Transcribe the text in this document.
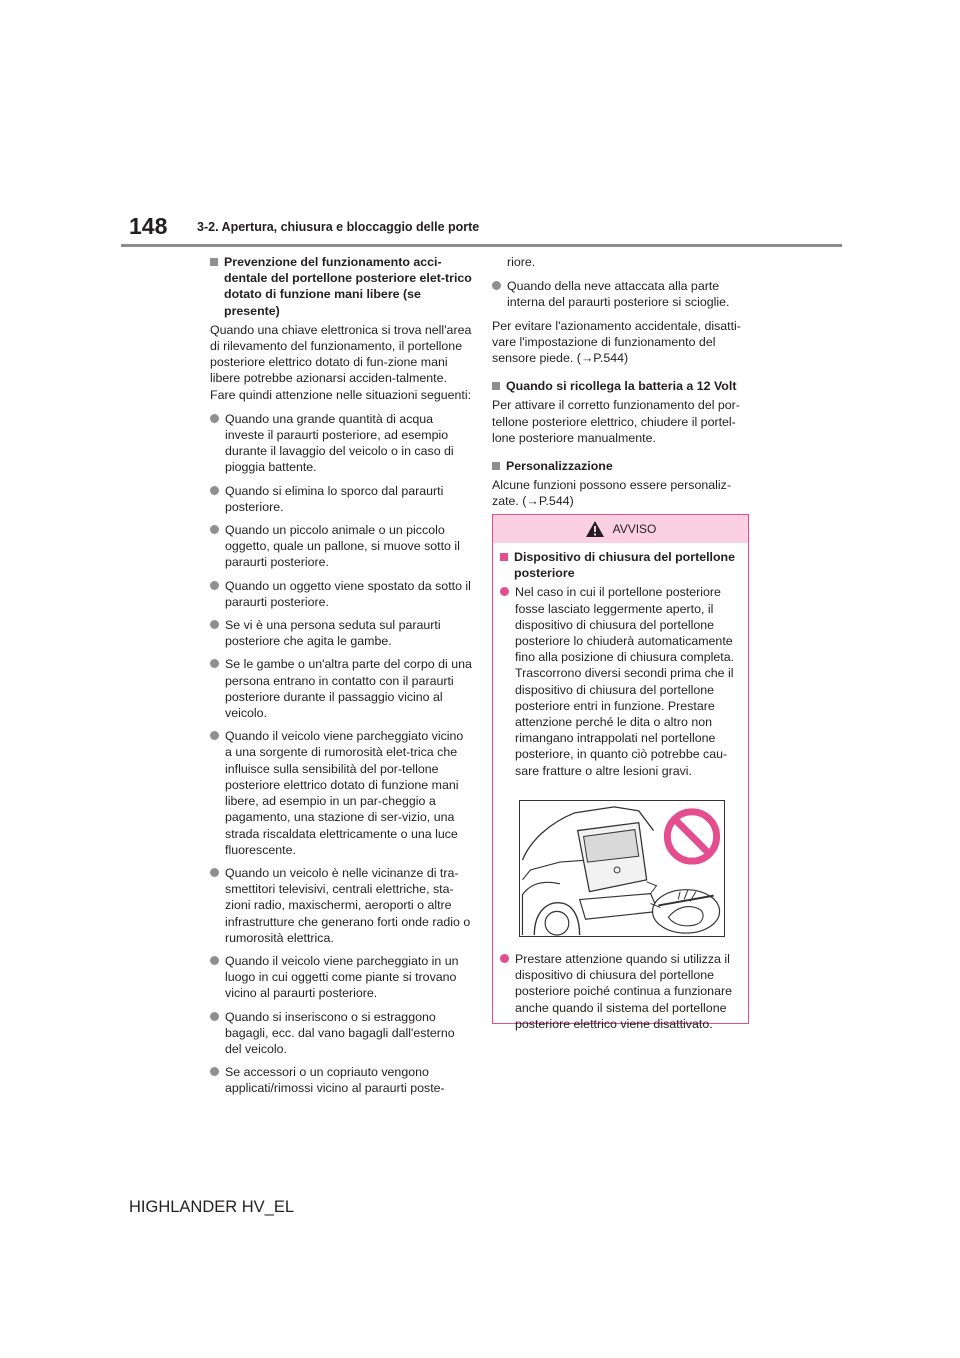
148 3-2. Apertura, chiusura e bloccaggio delle porte
Prevenzione del funzionamento acci-dentale del portellone posteriore elet-trico dotato di funzione mani libere (se presente)
Quando una chiave elettronica si trova nell'area di rilevamento del funzionamento, il portellone posteriore elettrico dotato di fun-zione mani libere potrebbe azionarsi acciden-talmente. Fare quindi attenzione nelle situazioni seguenti:
Quando una grande quantità di acqua investe il paraurti posteriore, ad esempio durante il lavaggio del veicolo o in caso di pioggia battente.
Quando si elimina lo sporco dal paraurti posteriore.
Quando un piccolo animale o un piccolo oggetto, quale un pallone, si muove sotto il paraurti posteriore.
Quando un oggetto viene spostato da sotto il paraurti posteriore.
Se vi è una persona seduta sul paraurti posteriore che agita le gambe.
Se le gambe o un'altra parte del corpo di una persona entrano in contatto con il paraurti posteriore durante il passaggio vicino al veicolo.
Quando il veicolo viene parcheggiato vicino a una sorgente di rumorosità elet-trica che influisce sulla sensibilità del por-tellone posteriore elettrico dotato di funzione mani libere, ad esempio in un par-cheggio a pagamento, una stazione di ser-vizio, una strada riscaldata elettricamente o una luce fluorescente.
Quando un veicolo è nelle vicinanze di tra-smettitori televisivi, centrali elettriche, sta-zioni radio, maxischermi, aeroporti o altre infrastrutture che generano forti onde radio o rumorosità elettrica.
Quando il veicolo viene parcheggiato in un luogo in cui oggetti come piante si trovano vicino al paraurti posteriore.
Quando si inseriscono o si estraggono bagagli, ecc. dal vano bagagli dall'esterno del veicolo.
Se accessori o un copriauto vengono applicati/rimossi vicino al paraurti poste-
riore.
Quando della neve attaccata alla parte interna del paraurti posteriore si scioglie.
Per evitare l'azionamento accidentale, disatti-vare l'impostazione di funzionamento del sensore piede. (→P.544)
Quando si ricollega la batteria a 12 Volt
Per attivare il corretto funzionamento del por-tellone posteriore elettrico, chiudere il portel-lone posteriore manualmente.
Personalizzazione
Alcune funzioni possono essere personaliz-zate. (→P.544)
AVVISO
Dispositivo di chiusura del portellone posteriore
Nel caso in cui il portellone posteriore fosse lasciato leggermente aperto, il dispositivo di chiusura del portellone posteriore lo chiuderà automaticamente fino alla posizione di chiusura completa. Trascorrono diversi secondi prima che il dispositivo di chiusura del portellone posteriore entri in funzione. Prestare attenzione perché le dita o altro non rimangano intrappolati nel portellone posteriore, in quanto ciò potrebbe cau-sare fratture o altre lesioni gravi.
Prestare attenzione quando si utilizza il dispositivo di chiusura del portellone posteriore poiché continua a funzionare anche quando il sistema del portellone posteriore elettrico viene disattivato.
HIGHLANDER HV_EL
